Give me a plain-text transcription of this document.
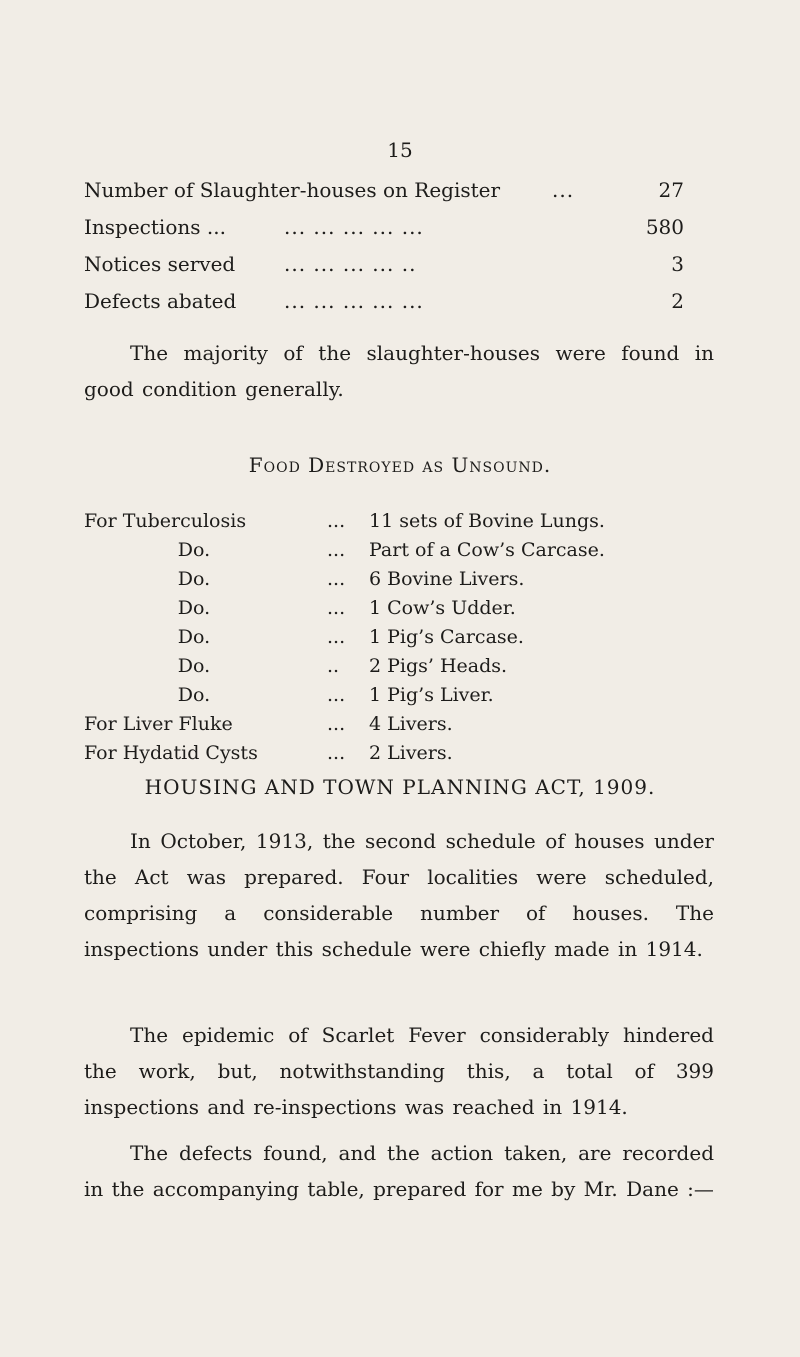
15
Number of Slaughter-houses on Register	...	27
Inspections ...	... ... ... ... ...	580
Notices served ... ... ... ... ..	3
Defects abated ... ... ... ... ...	2

The majority of the slaughter-houses were found in good condition generally.

Food Destroyed as Unsound.
For Tuberculosis	... 11 sets of Bovine Lungs.
Do.	... Part of a Cow’s Carcase.
Do.	... 6 Bovine Livers.
Do.	... 1 Cow’s Udder.
Do.	... 1 Pig’s Carcase.
Do.	.. 2 Pigs’ Heads.
Do.	... 1 Pig’s Liver.
For Liver Fluke	... 4 Livers.
For Hydatid Cysts	... 2 Livers.
HOUSING AND TOWN PLANNING ACT, 1909.

In October, 1913, the second schedule of houses under the Act was prepared. Four localities were scheduled, comprising a considerable number of houses. The inspections under this schedule were chiefly made in 1914.

The epidemic of Scarlet Fever considerably hindered the work, but, notwithstanding this, a total of 399 inspections and re-inspections was reached in 1914.

The defects found, and the action taken, are recorded in the accompanying table, prepared for me by Mr. Dane :—
